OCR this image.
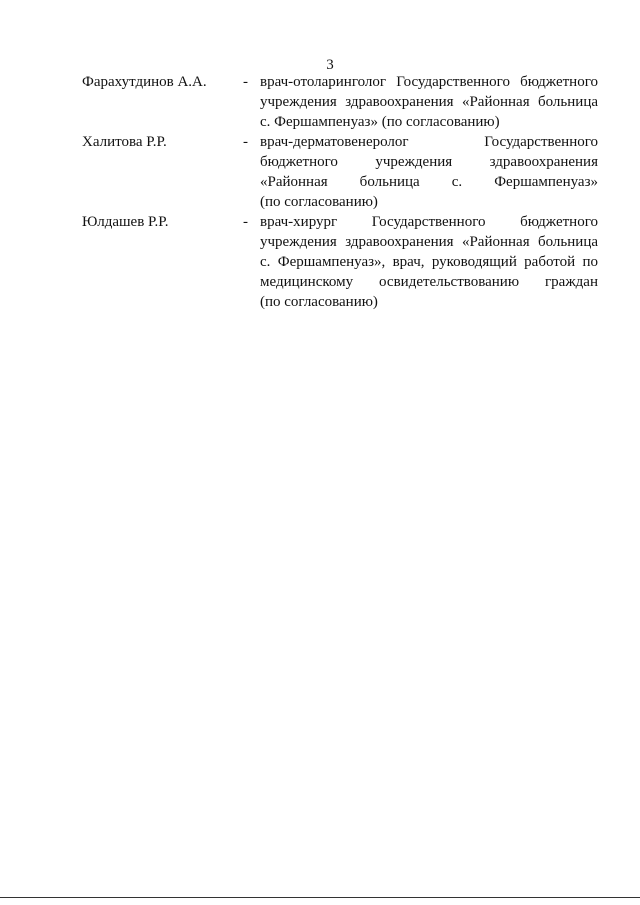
3
Фарахутдинов А.А. - врач-отоларинголог Государственного бюджетного
учреждения здравоохранения «Районная больница
с. Фершампенуаз» (по согласованию)
Халитова Р.Р.	- врач-дерматовенеролог Государственного
бюджетного учреждения здравоохранения
«Районная больница с. Фершампенуаз»
(по согласованию)
Юлдашев Р.Р.	- врач-хирург Государственного бюджетного
учреждения здравоохранения «Районная больница
с. Фершампенуаз», врач, руководящий работой по
медицинскому освидетельствованию граждан
(по согласованию)
